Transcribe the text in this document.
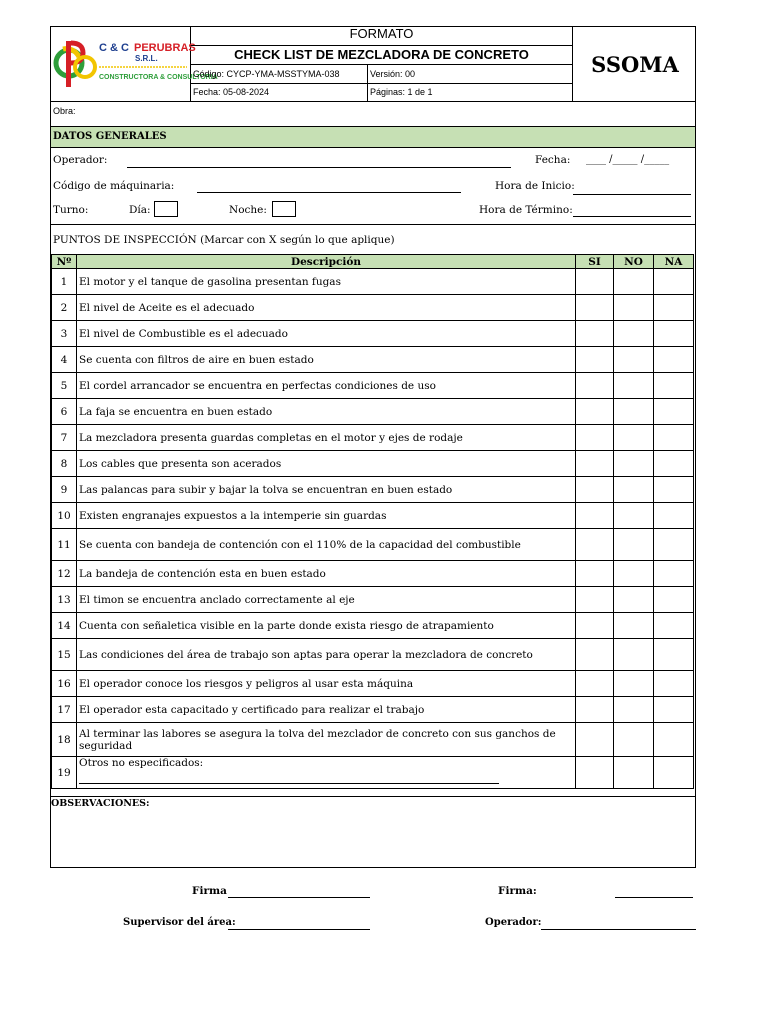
C & C PERUBRAS
S.R.L.
CONSTRUCTORA & CONSULTORIA
FORMATO
CHECK LIST DE MEZCLADORA DE CONCRETO
Código: CYCP-YMA-MSSTYMA-038	Versión: 00
Fecha: 05-08-2024	Páginas: 1 de 1
SSOMA
Obra:
DATOS GENERALES
Operador:	Fecha: ____ /_____ /_____
Código de máquinaria:	Hora de Inicio:
Turno:	Día:	Noche:	Hora de Término:
PUNTOS DE INSPECCIÓN (Marcar con X según lo que aplique)
Nº	Descripción	SI	NO	NA
1	El motor y el tanque de gasolina presentan fugas			
2	El nivel de Aceite es el adecuado			
3	El nivel de Combustible es el adecuado			
4	Se cuenta con filtros de aire en buen estado			
5	El cordel arrancador se encuentra en perfectas condiciones de uso			
6	La faja se encuentra en buen estado			
7	La mezcladora presenta guardas completas en el motor y ejes de rodaje			
8	Los cables que presenta son acerados			
9	Las palancas para subir y bajar la tolva se encuentran en buen estado			
10	Existen engranajes expuestos a la intemperie sin guardas			
11	Se cuenta con bandeja de contención con el 110% de la capacidad del combustible			
12	La bandeja de contención esta en buen estado			
13	El timon se encuentra anclado correctamente al eje			
14	Cuenta con señaletica visible en la parte donde exista riesgo de atrapamiento			
15	Las condiciones del área de trabajo son aptas para operar la mezcladora de concreto			
16	El operador conoce los riesgos y peligros al usar esta máquina			
17	El operador esta capacitado y certificado para realizar el trabajo			
18	Al terminar las labores se asegura la tolva del mezclador de concreto con sus ganchos de seguridad			
19	Otros no especificados:

OBSERVACIONES:
Firma	Firma:
Supervisor del área:	Operador:
